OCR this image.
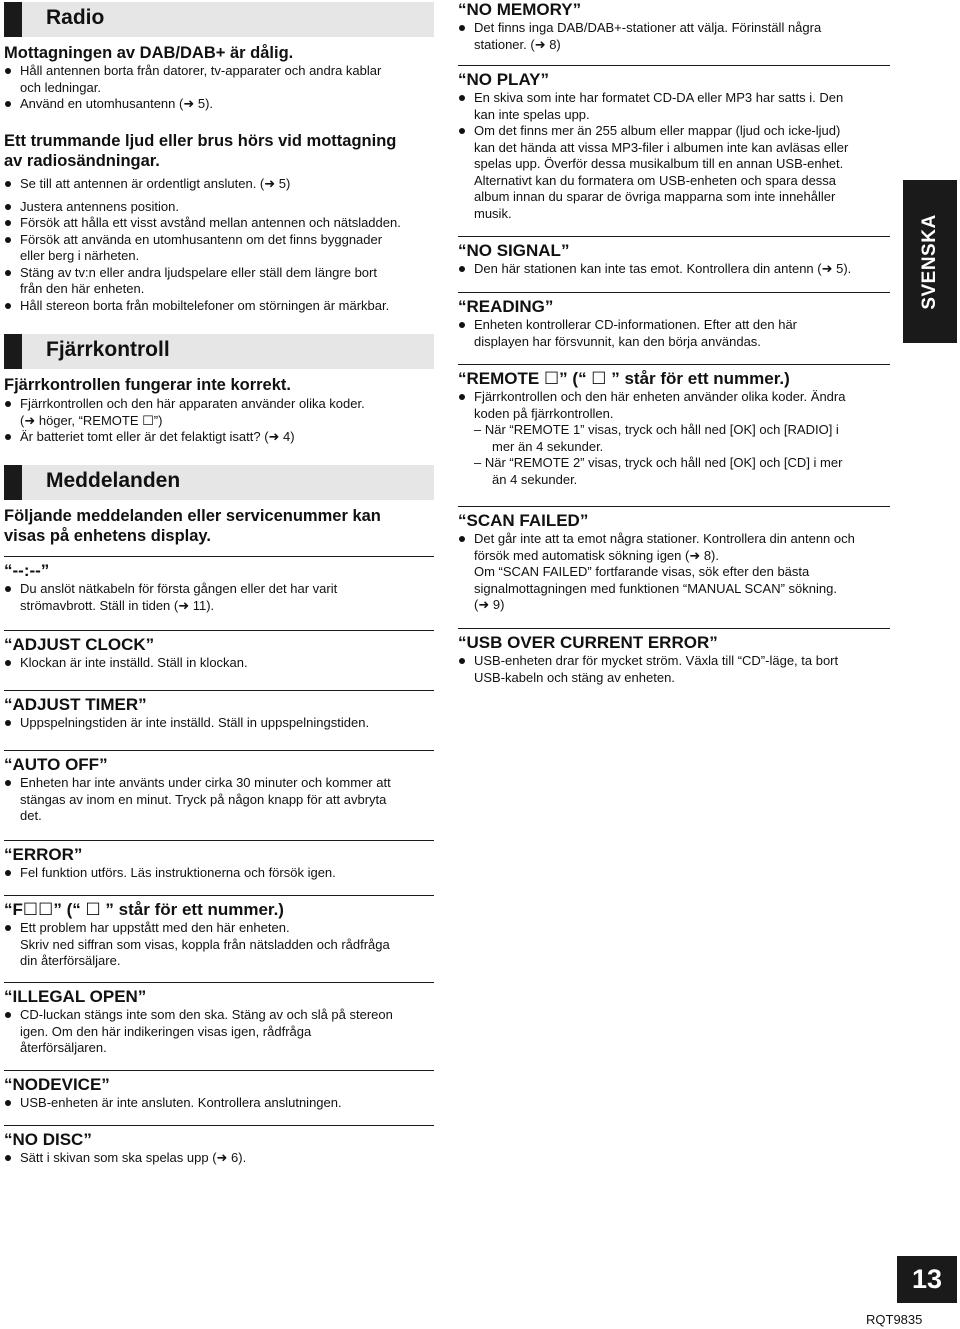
Radio
Mottagningen av DAB/DAB+ är dålig.
Håll antennen borta från datorer, tv-apparater och andra kablar
och ledningar.
Använd en utomhusantenn (➜ 5).
Ett trummande ljud eller brus hörs vid mottagning
av radiosändningar.
Se till att antennen är ordentligt ansluten. (➜ 5)
Justera antennens position.
Försök att hålla ett visst avstånd mellan antennen och nätsladden.
Försök att använda en utomhusantenn om det finns byggnader
eller berg i närheten.
Stäng av tv:n eller andra ljudspelare eller ställ dem längre bort
från den här enheten.
Håll stereon borta från mobiltelefoner om störningen är märkbar.
Fjärrkontroll
Fjärrkontrollen fungerar inte korrekt.
Fjärrkontrollen och den här apparaten använder olika koder.
(➜ höger, “REMOTE ☐”)
Är batteriet tomt eller är det felaktigt isatt? (➜ 4)
Meddelanden
Följande meddelanden eller servicenummer kan
visas på enhetens display.
“--:--”
Du anslöt nätkabeln för första gången eller det har varit
strömavbrott. Ställ in tiden (➜ 11).
“ADJUST CLOCK”
Klockan är inte inställd. Ställ in klockan.
“ADJUST TIMER”
Uppspelningstiden är inte inställd. Ställ in uppspelningstiden.
“AUTO OFF”
Enheten har inte använts under cirka 30 minuter och kommer att
stängas av inom en minut. Tryck på någon knapp för att avbryta
det.
“ERROR”
Fel funktion utförs. Läs instruktionerna och försök igen.
“F☐☐” (“ ☐ ” står för ett nummer.)
Ett problem har uppstått med den här enheten.
Skriv ned siffran som visas, koppla från nätsladden och rådfråga
din återförsäljare.
“ILLEGAL OPEN”
CD-luckan stängs inte som den ska. Stäng av och slå på stereon
igen. Om den här indikeringen visas igen, rådfråga
återförsäljaren.
“NODEVICE”
USB-enheten är inte ansluten. Kontrollera anslutningen.
“NO DISC”
Sätt i skivan som ska spelas upp (➜ 6).
“NO MEMORY”
Det finns inga DAB/DAB+-stationer att välja. Förinställ några
stationer. (➜ 8)
“NO PLAY”
En skiva som inte har formatet CD-DA eller MP3 har satts i. Den
kan inte spelas upp.
Om det finns mer än 255 album eller mappar (ljud och icke-ljud)
kan det hända att vissa MP3-filer i albumen inte kan avläsas eller
spelas upp. Överför dessa musikalbum till en annan USB-enhet.
Alternativt kan du formatera om USB-enheten och spara dessa
album innan du sparar de övriga mapparna som inte innehåller
musik.
“NO SIGNAL”
Den här stationen kan inte tas emot. Kontrollera din antenn (➜ 5).
“READING”
Enheten kontrollerar CD-informationen. Efter att den här
displayen har försvunnit, kan den börja användas.
“REMOTE ☐” (“ ☐ ” står för ett nummer.)
Fjärrkontrollen och den här enheten använder olika koder. Ändra
koden på fjärrkontrollen.
– När “REMOTE 1” visas, tryck och håll ned [OK] och [RADIO] i
mer än 4 sekunder.
– När “REMOTE 2” visas, tryck och håll ned [OK] och [CD] i mer
än 4 sekunder.
“SCAN FAILED”
Det går inte att ta emot några stationer. Kontrollera din antenn och
försök med automatisk sökning igen (➜ 8).
Om “SCAN FAILED” fortfarande visas, sök efter den bästa
signalmottagningen med funktionen “MANUAL SCAN” sökning.
(➜ 9)
“USB OVER CURRENT ERROR”
USB-enheten drar för mycket ström. Växla till “CD”-läge, ta bort
USB-kabeln och stäng av enheten.
SVENSKA
13
RQT9835
